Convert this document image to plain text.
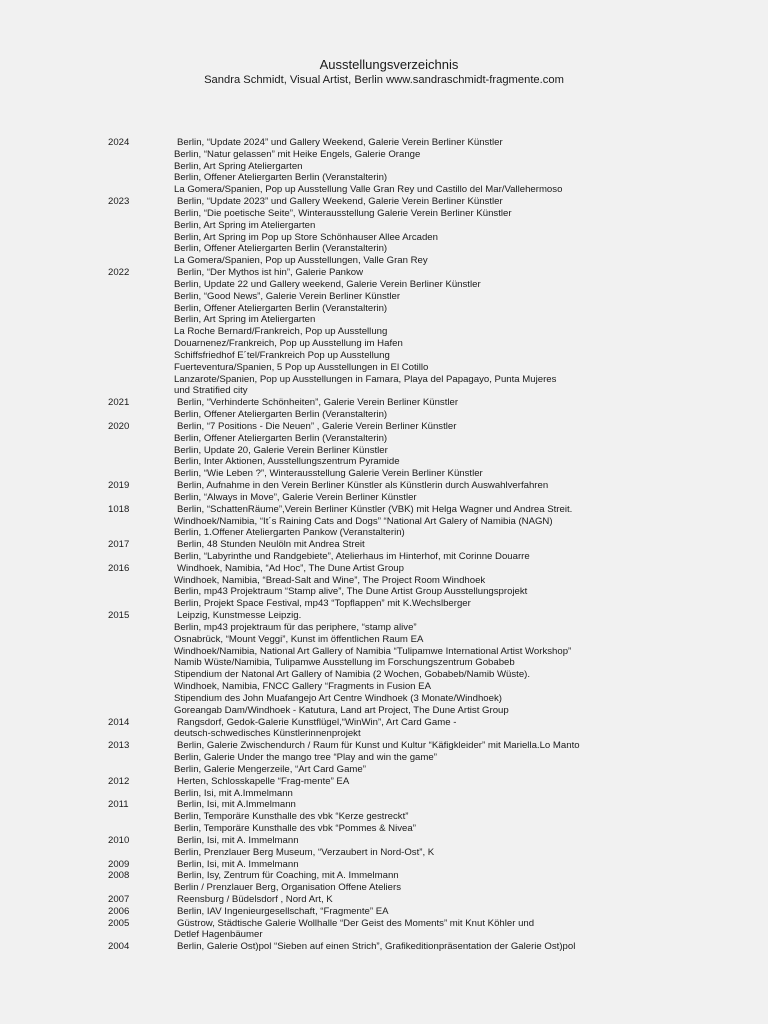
Ausstellungsverzeichnis
Sandra Schmidt, Visual Artist, Berlin www.sandraschmidt-fragmente.com
2024	Berlin, “Update 2024” und Gallery Weekend, Galerie Verein Berliner Künstler
Berlin, “Natur gelassen” mit Heike Engels, Galerie Orange
Berlin, Art Spring Ateliergarten
Berlin, Offener Ateliergarten Berlin (Veranstalterin)
La Gomera/Spanien, Pop up Ausstellung Valle Gran Rey und Castillo del Mar/Vallehermoso
2023	Berlin, “Update 2023” und Gallery Weekend, Galerie Verein Berliner Künstler
Berlin, “Die poetische Seite”, Winterausstellung Galerie Verein Berliner Künstler
Berlin, Art Spring im Ateliergarten
Berlin, Art Spring im Pop up Store Schönhauser Allee Arcaden
Berlin, Offener Ateliergarten Berlin (Veranstalterin)
La Gomera/Spanien, Pop up Ausstellungen, Valle Gran Rey
2022	Berlin, “Der Mythos ist hin”, Galerie Pankow
Berlin, Update 22 und Gallery weekend, Galerie Verein Berliner Künstler
Berlin, “Good News”, Galerie Verein Berliner Künstler
Berlin, Offener Ateliergarten Berlin (Veranstalterin)
Berlin, Art Spring im Ateliergarten
La Roche Bernard/Frankreich, Pop up Ausstellung
Douarnenez/Frankreich, Pop up Ausstellung im Hafen
Schiffsfriedhof E´tel/Frankreich Pop up Ausstellung
Fuerteventura/Spanien, 5 Pop up Ausstellungen in El Cotillo
Lanzarote/Spanien, Pop up Ausstellungen in Famara, Playa del Papagayo, Punta Mujeres
und Stratified city
2021	Berlin, “Verhinderte Schönheiten”, Galerie Verein Berliner Künstler
Berlin, Offener Ateliergarten Berlin (Veranstalterin)
2020	Berlin, “7 Positions - Die Neuen” , Galerie Verein Berliner Künstler
Berlin, Offener Ateliergarten Berlin (Veranstalterin)
Berlin, Update 20, Galerie Verein Berliner Künstler
Berlin, Inter Aktionen, Ausstellungszentrum Pyramide
Berlin, “Wie Leben ?”, Winterausstellung Galerie Verein Berliner Künstler
2019	Berlin, Aufnahme in den Verein Berliner Künstler als Künstlerin durch Auswahlverfahren
Berlin, “Always in Move”, Galerie Verein Berliner Künstler
1018	Berlin, “SchattenRäume”,Verein Berliner Künstler (VBK) mit Helga Wagner und Andrea Streit.
Windhoek/Namibia, “It´s Raining Cats and Dogs” “National Art Galery of Namibia (NAGN)
Berlin, 1.Offener Ateliergarten Pankow (Veranstalterin)
2017	Berlin, 48 Stunden Neulöln mit Andrea Streit
Berlin, “Labyrinthe und Randgebiete”, Atelierhaus im Hinterhof, mit Corinne Douarre
2016	Windhoek, Namibia, “Ad Hoc”, The Dune Artist Group
Windhoek, Namibia, “Bread-Salt and Wine”, The Project Room Windhoek
Berlin, mp43 Projektraum “Stamp alive”, The Dune Artist Group Ausstellungsprojekt
Berlin, Projekt Space Festival, mp43 “Topflappen” mit K.Wechslberger
2015	Leipzig, Kunstmesse Leipzig.
Berlin, mp43 projektraum für das periphere, “stamp alive”
Osnabrück, “Mount Veggi”, Kunst im öffentlichen Raum EA
Windhoek/Namibia, National Art Gallery of Namibia “Tulipamwe International Artist Workshop”
Namib Wüste/Namibia, Tulipamwe Ausstellung im Forschungszentrum Gobabeb
Stipendium der Natonal Art Gallery of Namibia (2 Wochen, Gobabeb/Namib Wüste).
Windhoek, Namibia, FNCC Gallery “Fragments in Fusion EA
Stipendium des John Muafangejo Art Centre Windhoek (3 Monate/Windhoek)
Goreangab Dam/Windhoek - Katutura, Land art Project, The Dune Artist Group
2014	Rangsdorf, Gedok-Galerie Kunstflügel,“WinWin”, Art Card Game -
deutsch-schwedisches Künstlerinnenprojekt
2013	Berlin, Galerie Zwischendurch / Raum für Kunst und Kultur “Käfigkleider” mit Mariella.Lo Manto
Berlin, Galerie Under the mango tree “Play and win the game”
Berlin, Galerie Mengerzeile, “Art Card Game”
2012	Herten, Schlosskapelle “Frag-mente” EA
Berlin, Isi, mit A.Immelmann
2011	Berlin, Isi, mit A.Immelmann
Berlin, Temporäre Kunsthalle des vbk “Kerze gestreckt”
Berlin, Temporäre Kunsthalle des vbk “Pommes & Nivea”
2010	Berlin, Isi, mit A. Immelmann
Berlin, Prenzlauer Berg Museum, “Verzaubert in Nord-Ost”, K
2009	Berlin, Isi, mit A. Immelmann
2008	Berlin, Isy, Zentrum für Coaching, mit A. Immelmann
Berlin / Prenzlauer Berg, Organisation Offene Ateliers
2007	Reensburg / Büdelsdorf , Nord Art, K
2006	Berlin, IAV Ingenieurgesellschaft, “Fragmente” EA
2005	Güstrow, Städtische Galerie Wollhalle “Der Geist des Moments” mit Knut Köhler und
Detlef Hagenbäumer
2004	Berlin, Galerie Ost)pol “Sieben auf einen Strich”, Grafikeditionpräsentation der Galerie Ost)pol
